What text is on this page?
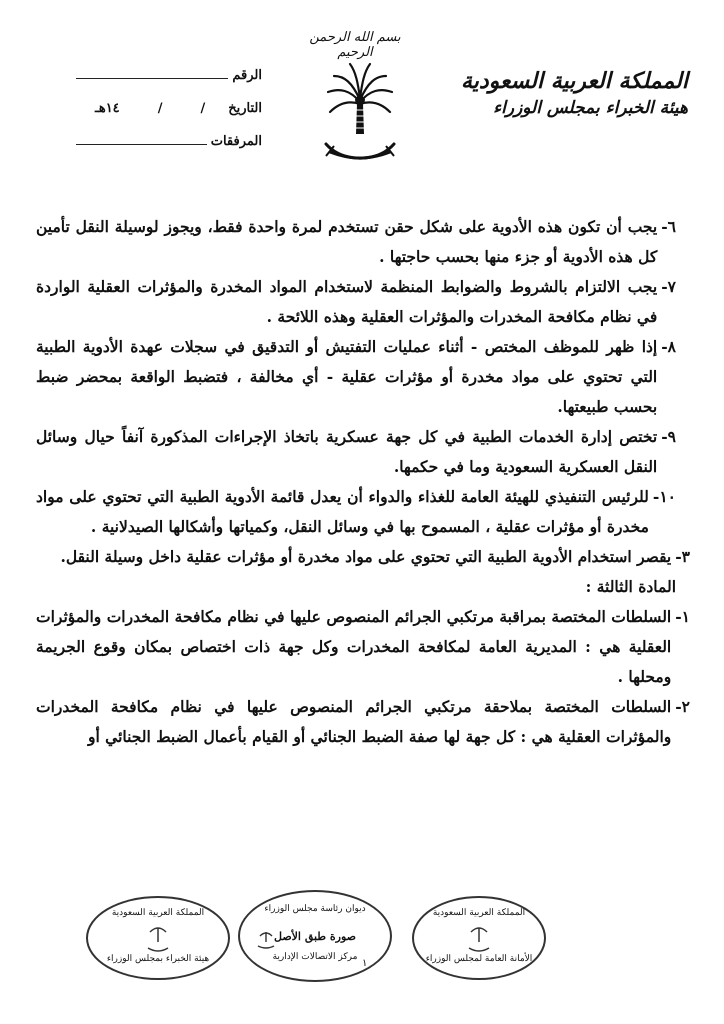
بسم الله الرحمن الرحيم
المملكة العربية السعودية
هيئة الخبراء بمجلس الوزراء
الرقم
التاريخ
/
/
١٤هـ
المرفقات
٦-
يجب أن تكون هذه الأدوية على شكل حقن تستخدم لمرة واحدة فقط، ويجوز لوسيلة النقل تأمين كل هذه الأدوية أو جزء منها بحسب حاجتها .
٧-
يجب الالتزام بالشروط والضوابط المنظمة لاستخدام المواد المخدرة والمؤثرات العقلية الواردة في نظام مكافحة المخدرات والمؤثرات العقلية وهذه اللائحة .
٨-
إذا ظهر للموظف المختص - أثناء عمليات التفتيش أو التدقيق في سجلات عهدة الأدوية الطبية التي تحتوي على مواد مخدرة أو مؤثرات عقلية - أي مخالفة ، فتضبط الواقعة بمحضر ضبط بحسب طبيعتها.
٩-
تختص إدارة الخدمات الطبية في كل جهة عسكرية باتخاذ الإجراءات المذكورة آنفاً حيال وسائل النقل العسكرية السعودية وما في حكمها.
١٠-
للرئيس التنفيذي للهيئة العامة للغذاء والدواء أن يعدل قائمة الأدوية الطبية التي تحتوي على مواد مخدرة أو مؤثرات عقلية ، المسموح بها في وسائل النقل، وكمياتها وأشكالها الصيدلانية .
٣-
يقصر استخدام الأدوية الطبية التي تحتوي على مواد مخدرة أو مؤثرات عقلية داخل وسيلة النقل.
المادة الثالثة :
١-
السلطات المختصة بمراقبة مرتكبي الجرائم المنصوص عليها في نظام مكافحة المخدرات والمؤثرات العقلية هي : المديرية العامة لمكافحة المخدرات وكل جهة ذات اختصاص بمكان وقوع الجريمة ومحلها .
٢-
السلطات المختصة بملاحقة مرتكبي الجرائم المنصوص عليها في نظام مكافحة المخدرات والمؤثرات العقلية هي : كل جهة لها صفة الضبط الجنائي أو القيام بأعمال الضبط الجنائي أو
المملكة العربية السعودية
هيئة الخبراء بمجلس الوزراء
ديوان رئاسة مجلس الوزراء
صورة طبق الأصل
مركز الاتصالات الإدارية
المملكة العربية السعودية
الأمانة العامة لمجلس الوزراء
١
